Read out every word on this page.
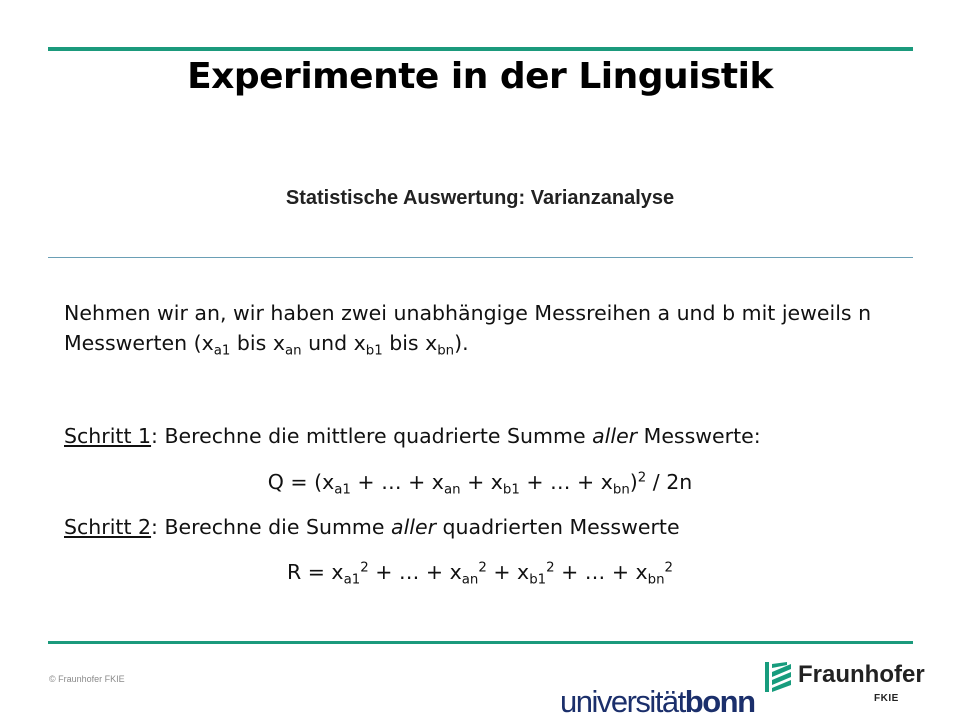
Experimente in der Linguistik
Statistische Auswertung: Varianzanalyse
Nehmen wir an, wir haben zwei unabhängige Messreihen a und b mit jeweils n Messwerten ($x_{a1}$ bis $x_{an}$ und $x_{b1}$ bis $x_{bn}$).
Schritt 1: Berechne die mittlere quadrierte Summe aller Messwerte:
$Q = (x_{a1}$ + … + $x_{an} + x_{b1}$ + … + $x_{bn})^2 / 2n$
Schritt 2: Berechne die Summe aller quadrierten Messwerte
$R = x_{a1}^2$ + … + $x_{an}^2 + x_{b1}^2$ + … + $x_{bn}^2$
© Fraunhofer FKIE
universitätbonn
Fraunhofer
FKIE
